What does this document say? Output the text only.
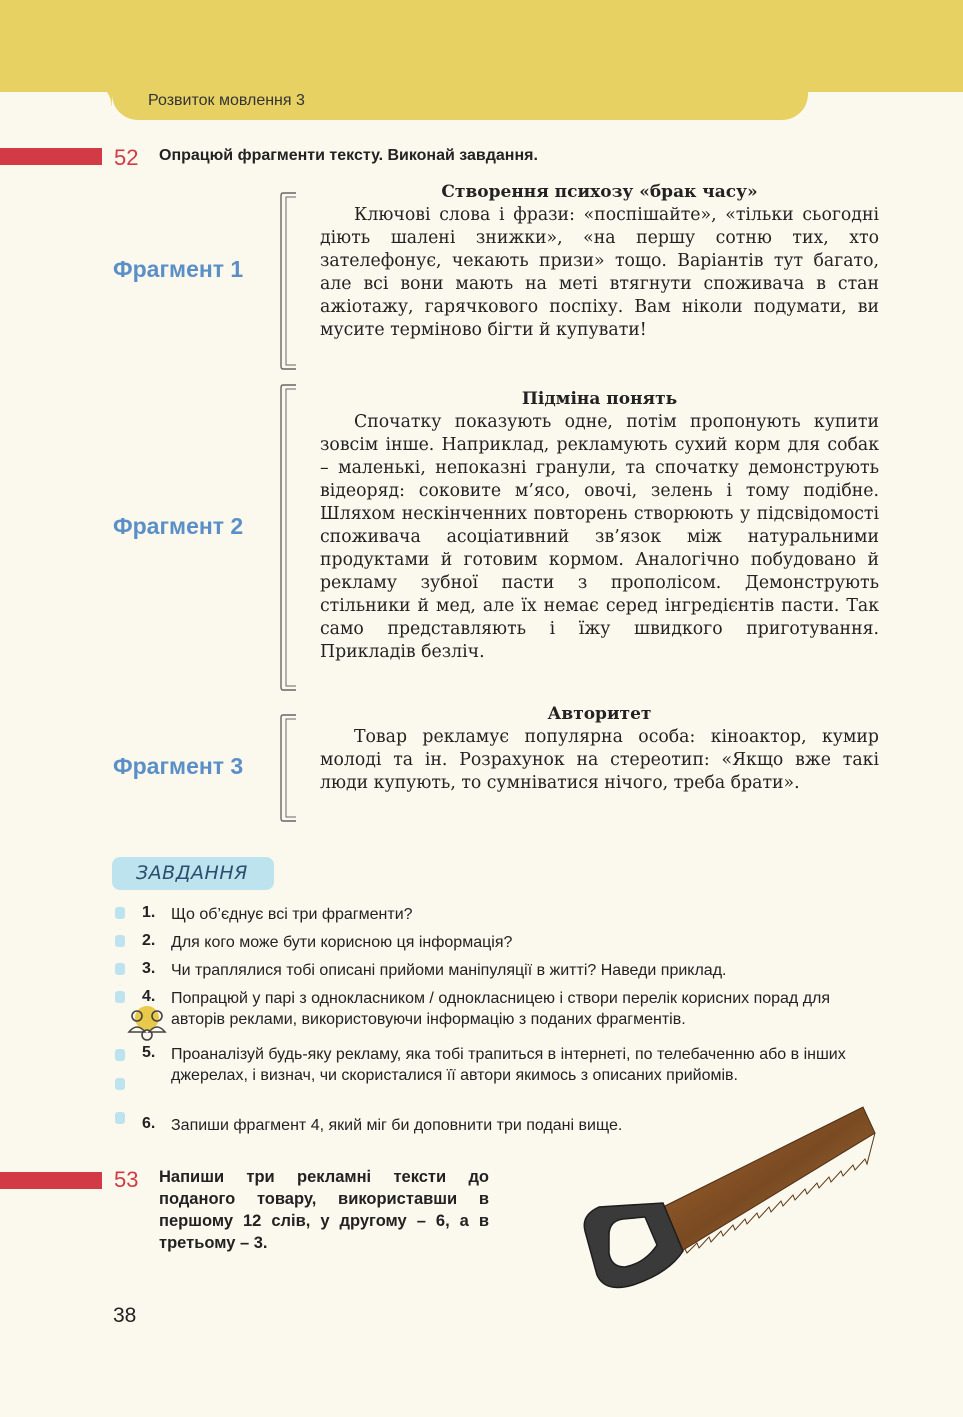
Розвиток мовлення 3
52 Опрацюй фрагменти тексту. Виконай завдання.
Фрагмент 1
Створення психозу «брак часу»
Ключові слова і фрази: «поспішайте», «тільки сьогодні діють шалені знижки», «на першу сотню тих, хто зателефонує, чекають призи» тощо. Варіантів тут багато, але всі вони мають на меті втягнути споживача в стан ажіотажу, гарячкового поспіху. Вам ніколи подумати, ви мусите терміново бігти й купувати!
Фрагмент 2
Підміна понять
Спочатку показують одне, потім пропонують купити зовсім інше. Наприклад, рекламують сухий корм для собак – маленькі, непоказні гранули, та спочатку демонструють відеоряд: соковите м’ясо, овочі, зелень і тому подібне. Шляхом нескінченних повторень створюють у підсвідомості споживача асоціативний зв’язок між натуральними продуктами й готовим кормом. Аналогічно побудовано й рекламу зубної пасти з прополісом. Демонструють стільники й мед, але їх немає серед інгредієнтів пасти. Так само представляють і їжу швидкого приготування. Прикладів безліч.
Фрагмент 3
Авторитет
Товар рекламує популярна особа: кіноактор, кумир молоді та ін. Розрахунок на стереотип: «Якщо вже такі люди купують, то сумніватися нічого, треба брати».
ЗАВДАННЯ
1. Що об’єднує всі три фрагменти?
2. Для кого може бути корисною ця інформація?
3. Чи траплялися тобі описані прийоми маніпуляції в житті? Наведи приклад.
4. Попрацюй у парі з однокласником / однокласницею і створи перелік корисних порад для авторів реклами, використовуючи інформацію з поданих фрагментів.
5. Проаналізуй будь-яку рекламу, яка тобі трапиться в інтернеті, по телебаченню або в інших джерелах, і визнач, чи скористалися її автори якимось з описаних прийомів.
6. Запиши фрагмент 4, який міг би доповнити три подані вище.
53 Напиши три рекламні тексти до поданого товару, використавши в першому 12 слів, у другому – 6, а в третьому – 3.
38
